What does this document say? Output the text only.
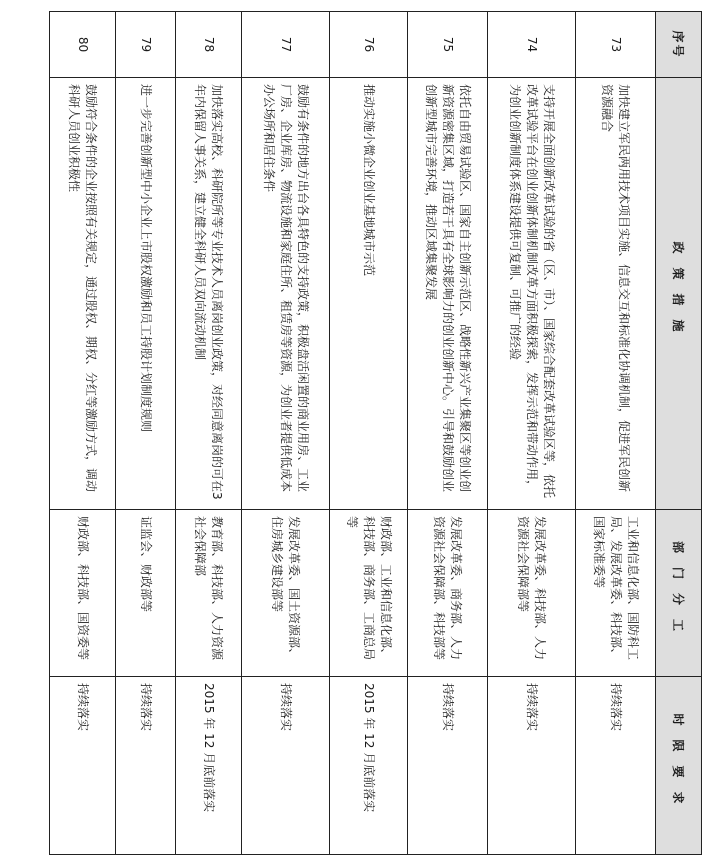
序号	政策措施	部门分工	时限要求
73	加快建立军民两用技术项目实施、信息交互和标准化协调机制，促进军民创新资源融合	工业和信息化部、国防科工局、发展改革委、科技部、国家标准委等	持续落实
74	支持开展全面创新改革试验的省（区、市）、国家综合配套改革试验区等，依托改革试验平台在创业创新体制机制改革方面积极探索，发挥示范和带动作用，为创业创新制度体系建设提供可复制、可推广的经验	发展改革委、科技部、人力资源社会保障部等	持续落实
75	依托自由贸易试验区、国家自主创新示范区、战略性新兴产业集聚区等创业创新资源密集区域，打造若干具有全球影响力的创业创新中心。引导和鼓励创业创新型城市完善环境，推动区域集聚发展	发展改革委、商务部、人力资源社会保障部、科技部等	持续落实
76	推动实施小微企业创业基地城市示范	财政部、工业和信息化部、科技部、商务部、工商总局等	2015 年 12 月底前落实
77	鼓励有条件的地方出台各具特色的支持政策，积极盘活闲置的商业用房、工业厂房、企业库房、物流设施和家庭住所、租赁房等资源，为创业者提供低成本办公场所和居住条件	发展改革委、国土资源部、住房城乡建设部等	持续落实
78	加快落实高校、科研院所等专业技术人员离岗创业政策，对经同意离岗的可在3年内保留人事关系，建立健全科研人员双向流动机制	教育部、科技部、人力资源社会保障部	2015 年 12 月底前落实
79	进一步完善创新型中小企业上市股权激励和员工持股计划制度规则	证监会、财政部等	持续落实
80	鼓励符合条件的企业按照有关规定，通过股权、期权、分红等激励方式，调动科研人员创业积极性	财政部、科技部、国资委等	持续落实
